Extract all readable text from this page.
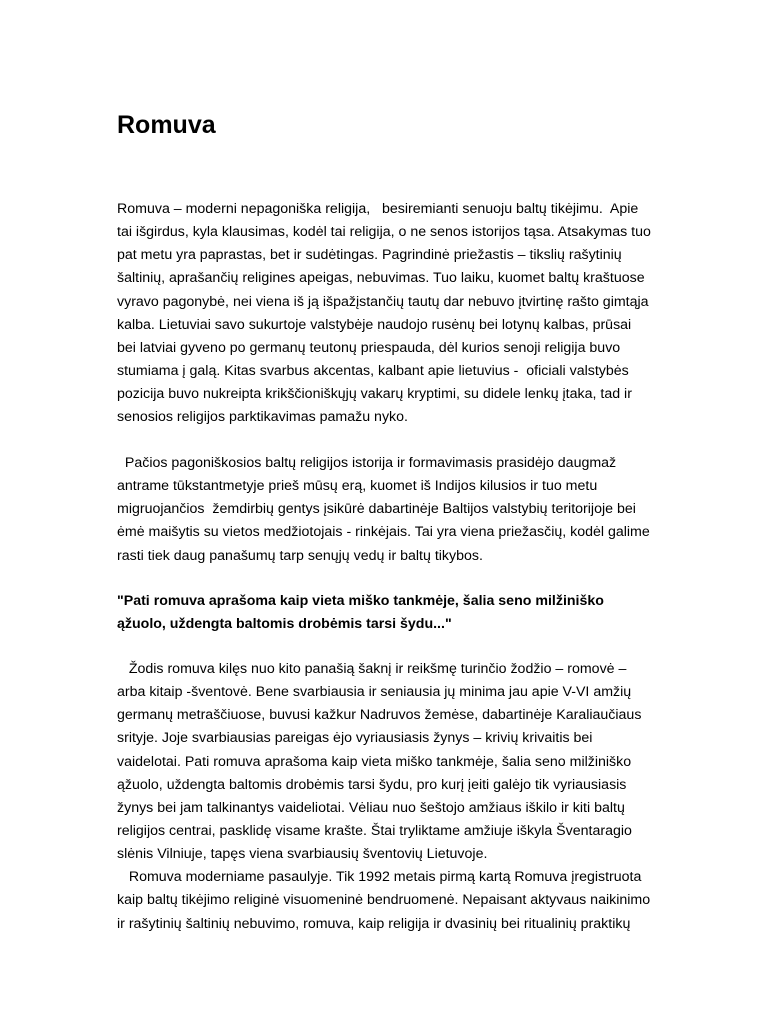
Romuva
Romuva – moderni nepagoniška religija,   besiremianti senuoju baltų tikėjimu.  Apie
tai išgirdus, kyla klausimas, kodėl tai religija, o ne senos istorijos tąsa. Atsakymas tuo
pat metu yra paprastas, bet ir sudėtingas. Pagrindinė priežastis – tikslių rašytinių
šaltinių, aprašančių religines apeigas, nebuvimas. Tuo laiku, kuomet baltų kraštuose
vyravo pagonybė, nei viena iš ją išpažįstančių tautų dar nebuvo įtvirtinę rašto gimtąja
kalba. Lietuviai savo sukurtoje valstybėje naudojo rusėnų bei lotynų kalbas, prūsai
bei latviai gyveno po germanų teutonų priespauda, dėl kurios senoji religija buvo
stumiama į galą. Kitas svarbus akcentas, kalbant apie lietuvius -  oficiali valstybės
pozicija buvo nukreipta krikščioniškųjų vakarų kryptimi, su didele lenkų įtaka, tad ir
senosios religijos parktikavimas pamažu nyko.
Pačios pagoniškosios baltų religijos istorija ir formavimasis prasidėjo daugmaž
antrame tūkstantmetyje prieš mūsų erą, kuomet iš Indijos kilusios ir tuo metu
migruojančios  žemdirbių gentys įsikūrė dabartinėje Baltijos valstybių teritorijoje bei
ėmė maišytis su vietos medžiotojais - rinkėjais. Tai yra viena priežasčių, kodėl galime
rasti tiek daug panašumų tarp senųjų vedų ir baltų tikybos.
"Pati romuva aprašoma kaip vieta miško tankmėje, šalia seno milžiniško
ąžuolo, uždengta baltomis drobėmis tarsi šydu..."
Žodis romuva kilęs nuo kito panašią šaknį ir reikšmę turinčio žodžio – romovė –
arba kitaip -šventovė. Bene svarbiausia ir seniausia jų minima jau apie V-VI amžių
germanų metraščiuose, buvusi kažkur Nadruvos žemėse, dabartinėje Karaliaučiaus
srityje. Joje svarbiausias pareigas ėjo vyriausiasis žynys – krivių krivaitis bei
vaidelotai. Pati romuva aprašoma kaip vieta miško tankmėje, šalia seno milžiniško
ąžuolo, uždengta baltomis drobėmis tarsi šydu, pro kurį įeiti galėjo tik vyriausiasis
žynys bei jam talkinantys vaideliotai. Vėliau nuo šeštojo amžiaus iškilo ir kiti baltų
religijos centrai, pasklidę visame krašte. Štai tryliktame amžiuje iškyla Šventaragio
slėnis Vilniuje, tapęs viena svarbiausių šventovių Lietuvoje.
Romuva moderniame pasaulyje. Tik 1992 metais pirmą kartą Romuva įregistruota
kaip baltų tikėjimo religinė visuomeninė bendruomenė. Nepaisant aktyvaus naikinimo
ir rašytinių šaltinių nebuvimo, romuva, kaip religija ir dvasinių bei ritualinių praktikų
